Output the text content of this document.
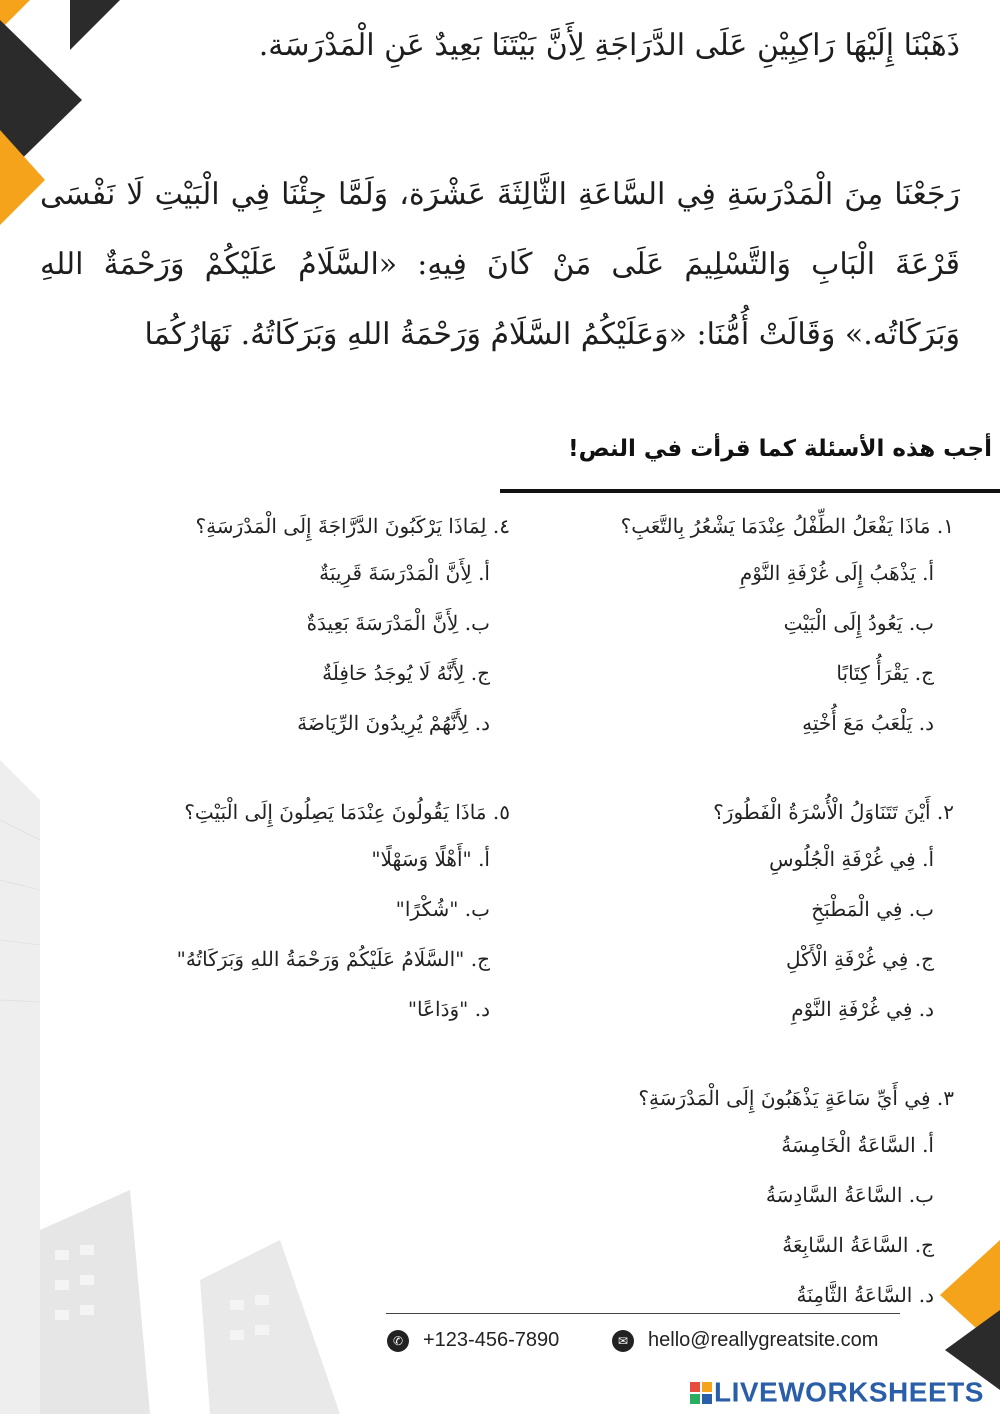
ذَهَبْنَا إِلَيْهَا رَاكِبِيْنِ عَلَى الدَّرَاجَةِ لِأَنَّ بَيْتَنَا بَعِيدٌ عَنِ الْمَدْرَسَة.
رَجَعْنَا مِنَ الْمَدْرَسَةِ فِي السَّاعَةِ الثَّالِثَةَ عَشْرَة، وَلَمَّا جِئْنَا فِي الْبَيْتِ لَا نَفْسَى قَرْعَةَ الْبَابِ وَالتَّسْلِيمَ عَلَى مَنْ كَانَ فِيهِ: «السَّلَامُ عَلَيْكُمْ وَرَحْمَةٌ اللهِ وَبَرَكَاتُه.» وَقَالَتْ أُمُّنَا: «وَعَلَيْكُمُ السَّلَامُ وَرَحْمَةُ اللهِ وَبَرَكَاتُهُ. نَهَارُكُمَا
أجب هذه الأسئلة كما قرأت في النص!
١. مَاذَا يَفْعَلُ الطِّفْلُ عِنْدَمَا يَشْعُرُ بِالتَّعَبِ؟
أ. يَذْهَبُ إِلَى غُرْفَةِ النَّوْمِ
ب. يَعُودُ إِلَى الْبَيْتِ
ج. يَقْرَأُ كِتَابًا
د. يَلْعَبُ مَعَ أُخْتِهِ
٢. أَيْنَ تَتَنَاوَلُ الْأُسْرَةُ الْفَطُورَ؟
أ. فِي غُرْفَةِ الْجُلُوسِ
ب. فِي الْمَطْبَخِ
ج. فِي غُرْفَةِ الْأَكْلِ
د. فِي غُرْفَةِ النَّوْمِ
٣. فِي أَيِّ سَاعَةٍ يَذْهَبُونَ إِلَى الْمَدْرَسَةِ؟
أ. السَّاعَةُ الْخَامِسَةُ
ب. السَّاعَةُ السَّادِسَةُ
ج. السَّاعَةُ السَّابِعَةُ
د. السَّاعَةُ الثَّامِنَةُ
٤. لِمَاذَا يَرْكَبُونَ الدَّرَّاجَةَ إِلَى الْمَدْرَسَةِ؟
أ. لِأَنَّ الْمَدْرَسَةَ قَرِيبَةٌ
ب. لِأَنَّ الْمَدْرَسَةَ بَعِيدَةٌ
ج. لِأَنَّهُ لَا يُوجَدُ حَافِلَةٌ
د. لِأَنَّهُمْ يُرِيدُونَ الرِّيَاضَةَ
٥. مَاذَا يَقُولُونَ عِنْدَمَا يَصِلُونَ إِلَى الْبَيْتِ؟
أ. "أَهْلًا وَسَهْلًا"
ب. "شُكْرًا"
ج. "السَّلَامُ عَلَيْكُمْ وَرَحْمَةُ اللهِ وَبَرَكَاتُهُ"
د. "وَدَاعًا"
✆ +123-456-7890	✉ hello@reallygreatsite.com
LIVEWORKSHEETS
